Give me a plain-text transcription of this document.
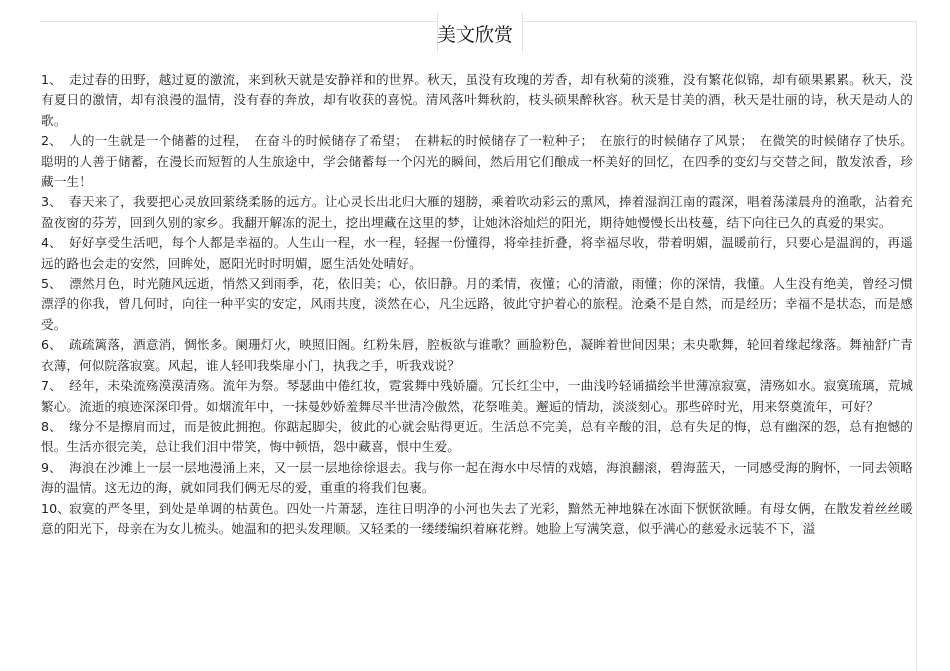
美文欣赏

1、 走过春的田野，越过夏的激流，来到秋天就是安静祥和的世界。秋天，虽没有玫瑰的芳香，却有秋菊的淡雅，没有繁花似锦，却有硕果累累。秋天，没有夏日的激情，却有浪漫的温情，没有春的奔放，却有收获的喜悦。清风落叶舞秋韵，枝头硕果醉秋容。秋天是甘美的酒，秋天是壮丽的诗，秋天是动人的歌。

2、 人的一生就是一个储蓄的过程，　在奋斗的时候储存了希望；　在耕耘的时候储存了一粒种子；　在旅行的时候储存了风景；　在微笑的时候储存了快乐。聪明的人善于储蓄，在漫长而短暂的人生旅途中，学会储蓄每一个闪光的瞬间，然后用它们酿成一杯美好的回忆，在四季的变幻与交替之间，散发浓香，珍藏一生！

3、 春天来了，我要把心灵放回萦绕柔肠的远方。让心灵长出北归大雁的翅膀，乘着吹动彩云的熏风，捧着湿润江南的霞深，唱着荡漾晨舟的渔歌，沾着充盈夜窗的芬芳，回到久别的家乡。我翻开解冻的泥土，挖出埋藏在这里的梦，让她沐浴灿烂的阳光，期待她慢慢长出枝蔓，结下向往已久的真爱的果实。

4、 好好享受生活吧，每个人都是幸福的。人生山一程，水一程，轻握一份懂得，将牵挂折叠，将幸福尽收，带着明媚，温暖前行，只要心是温润的，再遥远的路也会走的安然，回眸处，愿阳光时时明媚，愿生活处处晴好。

5、 漂然月色，时光随风远逝，悄然又到雨季，花，依旧美；心，依旧静。月的柔情，夜懂；心的清澈，雨懂；你的深情，我懂。人生没有绝美，曾经习惯漂浮的你我，曾几何时，向往一种平实的安定，风雨共度，淡然在心，凡尘远路，彼此守护着心的旅程。沧桑不是自然，而是经历；幸福不是状态，而是感受。

6、 疏疏篱落，酒意消，惆怅多。阑珊灯火，映照旧阁。红粉朱唇，腔板欲与谁歌？画脸粉色，凝眸着世间因果；未央歌舞，轮回着缘起缘落。舞袖舒广青衣薄，何似院落寂寞。风起，谁人轻叩我柴扉小门，执我之手，听我戏说？

7、 经年，未染流殇漠漠清殇。流年为祭。琴瑟曲中倦红妆，霓裳舞中残娇靥。冗长红尘中，一曲浅吟轻诵描绘半世薄凉寂寞，清殇如水。寂寞琉璃，荒城繁心。流逝的痕迹深深印骨。如烟流年中，一抹曼妙娇羞舞尽半世清冷傲然，花祭唯美。邂逅的情劫，淡淡刻心。那些碎时光，用来祭奠流年，可好？

8、 缘分不是擦肩而过，而是彼此拥抱。你踮起脚尖，彼此的心就会贴得更近。生活总不完美，总有辛酸的泪，总有失足的悔，总有幽深的怨，总有抱憾的恨。生活亦很完美，总让我们泪中带笑，悔中顿悟，怨中藏喜，恨中生爱。

9、 海浪在沙滩上一层一层地漫涌上来，又一层一层地徐徐退去。我与你一起在海水中尽情的戏嬉，海浪翻滚，碧海蓝天，一同感受海的胸怀，一同去领略海的温情。这无边的海，就如同我们俩无尽的爱，重重的将我们包裹。

10、寂寞的严冬里，到处是单调的枯黄色。四处一片萧瑟，连往日明净的小河也失去了光彩，黯然无神地躲在冰面下恹恹欲睡。有母女俩，在散发着丝丝暖意的阳光下，母亲在为女儿梳头。她温和的把头发理顺。又轻柔的一缕缕编织着麻花辫。她脸上写满笑意，似乎满心的慈爱永远装不下，溢
